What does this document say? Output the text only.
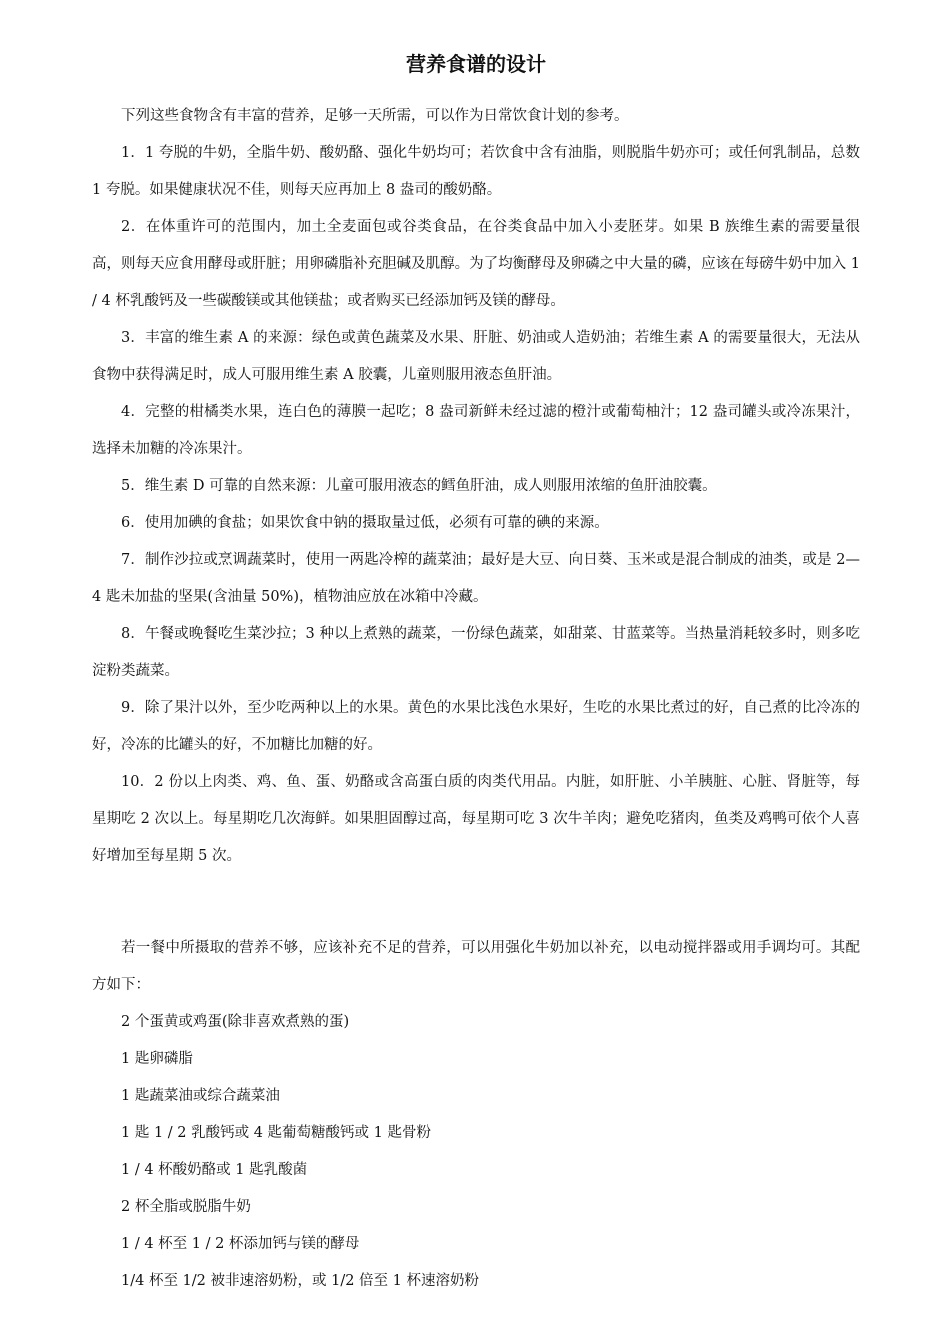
营养食谱的设计

下列这些食物含有丰富的营养，足够一天所需，可以作为日常饮食计划的参考。

1．1 夸脱的牛奶，全脂牛奶、酸奶酪、强化牛奶均可；若饮食中含有油脂，则脱脂牛奶亦可；或任何乳制品，总数 1 夸脱。如果健康状况不佳，则每天应再加上 8 盎司的酸奶酪。

2．在体重许可的范围内，加土全麦面包或谷类食品，在谷类食品中加入小麦胚芽。如果 B 族维生素的需要量很高，则每天应食用酵母或肝脏；用卵磷脂补充胆碱及肌醇。为了均衡酵母及卵磷之中大量的磷，应该在每磅牛奶中加入 1 / 4 杯乳酸钙及一些碳酸镁或其他镁盐；或者购买已经添加钙及镁的酵母。

3．丰富的维生素 A 的来源：绿色或黄色蔬菜及水果、肝脏、奶油或人造奶油；若维生素 A 的需要量很大，无法从食物中获得满足时，成人可服用维生素 A 胶囊，儿童则服用液态鱼肝油。

4．完整的柑橘类水果，连白色的薄膜一起吃；8 盎司新鲜未经过滤的橙汁或葡萄柚汁；12 盎司罐头或冷冻果汁，选择未加糖的冷冻果汁。

5．维生素 D 可靠的自然来源：儿童可服用液态的鳕鱼肝油，成人则服用浓缩的鱼肝油胶囊。

6．使用加碘的食盐；如果饮食中钠的摄取量过低，必须有可靠的碘的来源。

7．制作沙拉或烹调蔬菜时，使用一两匙冷榨的蔬菜油；最好是大豆、向日葵、玉米或是混合制成的油类，或是 2—4 匙未加盐的坚果(含油量 50%)，植物油应放在冰箱中冷藏。

8．午餐或晚餐吃生菜沙拉；3 种以上煮熟的蔬菜，一份绿色蔬菜，如甜菜、甘蓝菜等。当热量消耗较多时，则多吃淀粉类蔬菜。

9．除了果汁以外，至少吃两种以上的水果。黄色的水果比浅色水果好，生吃的水果比煮过的好，自己煮的比冷冻的好，冷冻的比罐头的好，不加糖比加糖的好。

10．2 份以上肉类、鸡、鱼、蛋、奶酪或含高蛋白质的肉类代用品。内脏，如肝脏、小羊胰脏、心脏、肾脏等，每星期吃 2 次以上。每星期吃几次海鲜。如果胆固醇过高，每星期可吃 3 次牛羊肉；避免吃猪肉，鱼类及鸡鸭可依个人喜好增加至每星期 5 次。

若一餐中所摄取的营养不够，应该补充不足的营养，可以用强化牛奶加以补充，以电动搅拌器或用手调均可。其配方如下：

2 个蛋黄或鸡蛋(除非喜欢煮熟的蛋)

1 匙卵磷脂

1 匙蔬菜油或综合蔬菜油

1 匙 1 / 2 乳酸钙或 4 匙葡萄糖酸钙或 1 匙骨粉

1 / 4 杯酸奶酪或 1 匙乳酸菌

2 杯全脂或脱脂牛奶

1 / 4 杯至 1 / 2 杯添加钙与镁的酵母

1/4 杯至 1/2 被非速溶奶粉，或 1/2 倍至 1 杯速溶奶粉
